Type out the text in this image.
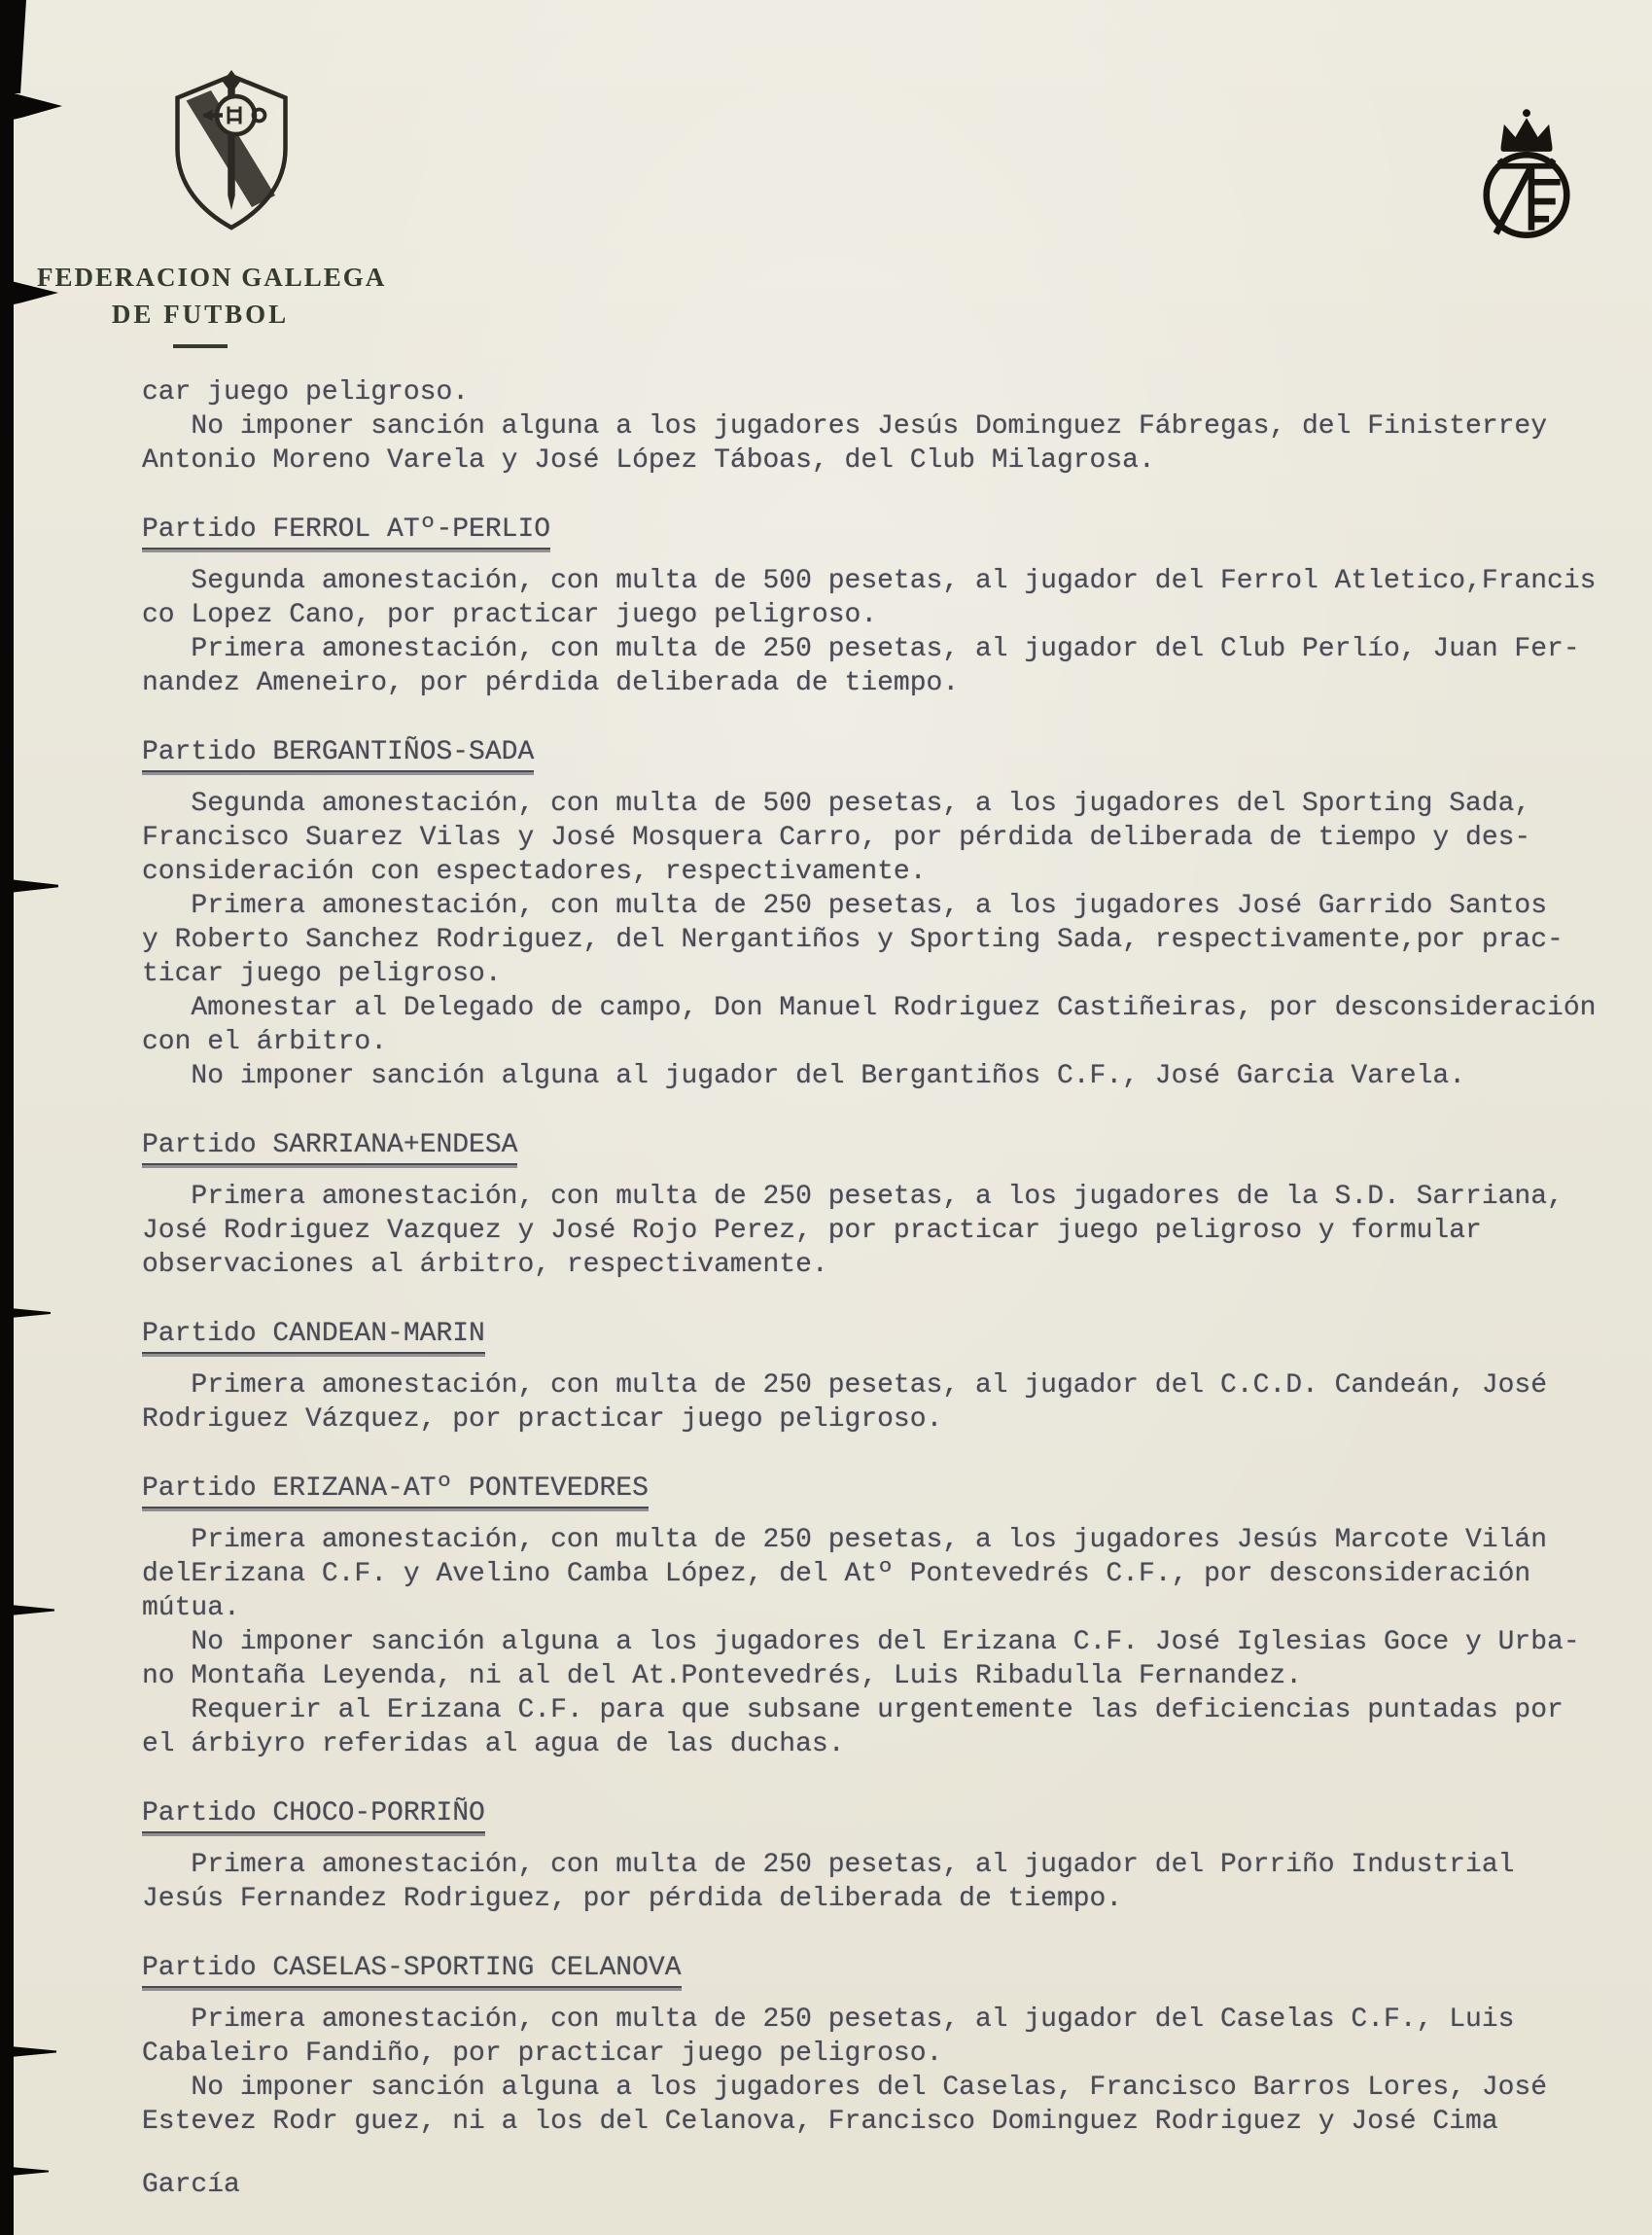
FEDERACION GALLEGA
DE FUTBOL
car juego peligroso.
No imponer sanción alguna a los jugadores Jesús Dominguez Fábregas, del Finisterrey
Antonio Moreno Varela y José López Táboas, del Club Milagrosa.
Partido FERROL ATº-PERLIO
Segunda amonestación, con multa de 500 pesetas, al jugador del Ferrol Atletico,Francis
co Lopez Cano, por practicar juego peligroso.
Primera amonestación, con multa de 250 pesetas, al jugador del Club Perlío, Juan Fer-
nandez Ameneiro, por pérdida deliberada de tiempo.
Partido BERGANTIÑOS-SADA
Segunda amonestación, con multa de 500 pesetas, a los jugadores del Sporting Sada,
Francisco Suarez Vilas y José Mosquera Carro, por pérdida deliberada de tiempo y des-
consideración con espectadores, respectivamente.
Primera amonestación, con multa de 250 pesetas, a los jugadores José Garrido Santos
y Roberto Sanchez Rodriguez, del Nergantiños y Sporting Sada, respectivamente,por prac-
ticar juego peligroso.
Amonestar al Delegado de campo, Don Manuel Rodriguez Castiñeiras, por desconsideración
con el árbitro.
No imponer sanción alguna al jugador del Bergantiños C.F., José Garcia Varela.
Partido SARRIANA+ENDESA
Primera amonestación, con multa de 250 pesetas, a los jugadores de la S.D. Sarriana,
José Rodriguez Vazquez y José Rojo Perez, por practicar juego peligroso y formular
observaciones al árbitro, respectivamente.
Partido CANDEAN-MARIN
Primera amonestación, con multa de 250 pesetas, al jugador del C.C.D. Candeán, José
Rodriguez Vázquez, por practicar juego peligroso.
Partido ERIZANA-ATº PONTEVEDRES
Primera amonestación, con multa de 250 pesetas, a los jugadores Jesús Marcote Vilán
delErizana C.F. y Avelino Camba López, del Atº Pontevedrés C.F., por desconsideración
mútua.
No imponer sanción alguna a los jugadores del Erizana C.F. José Iglesias Goce y Urba-
no Montaña Leyenda, ni al del At.Pontevedrés, Luis Ribadulla Fernandez.
Requerir al Erizana C.F. para que subsane urgentemente las deficiencias puntadas por
el árbiyro referidas al agua de las duchas.
Partido CHOCO-PORRIÑO
Primera amonestación, con multa de 250 pesetas, al jugador del Porriño Industrial
Jesús Fernandez Rodriguez, por pérdida deliberada de tiempo.
Partido CASELAS-SPORTING CELANOVA
Primera amonestación, con multa de 250 pesetas, al jugador del Caselas C.F., Luis
Cabaleiro Fandiño, por practicar juego peligroso.
No imponer sanción alguna a los jugadores del Caselas, Francisco Barros Lores, José
Estevez Rodr guez, ni a los del Celanova, Francisco Dominguez Rodriguez y José Cima
García
